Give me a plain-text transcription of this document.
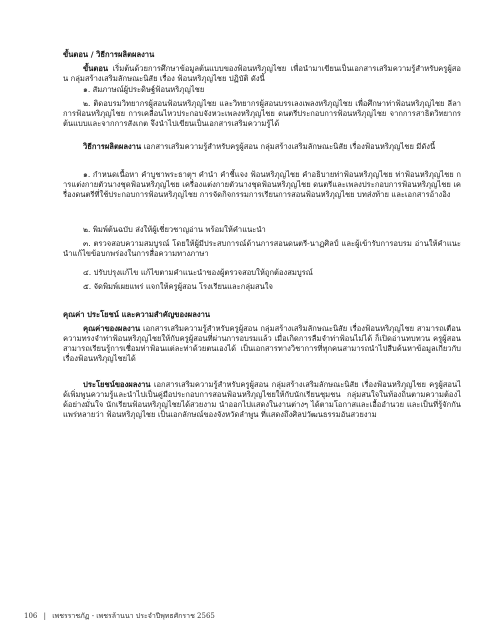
ขั้นตอน / วิธีการผลิตผลงาน
ขั้นตอน เริ่มต้นด้วยการศึกษาข้อมูลต้นแบบของฟ้อนหริภุญไชย เพื่อนำมาเขียนเป็นเอกสารเสริมความรู้สำหรับครูผู้สอน กลุ่มสร้างเสริมลักษณะนิสัย เรื่อง ฟ้อนหริภุญไชย ปฏิบัติ ดังนี้
๑. สัมภาษณ์ผู้ประดิษฐ์ฟ้อนหริภุญไชย
๒. ติดอบรมวิทยากรผู้สอนฟ้อนหริภุญไชย และวิทยากรผู้สอนบรรเลงเพลงหริภุญไชย เพื่อศึกษาท่าฟ้อนหริภุญไชย ลีลาการฟ้อนหริภุญไชย การเคลื่อนไหวประกอบจังหวะเพลงหริภุญไชย ดนตรีประกอบการฟ้อนหริภุญไชย จากการสาธิตวิทยากรต้นแบบและจากการสังเกต จึงนำไปเขียนเป็นเอกสารเสริมความรู้ได้
วิธีการผลิตผลงาน เอกสารเสริมความรู้สำหรับครูผู้สอน กลุ่มสร้างเสริมลักษณะนิสัย เรื่องฟ้อนหริภุญไชย มีดังนี้
๑. กำหนดเนื้อหา คำบูชาพระธาตุฯ คำนำ คำชี้แจง ฟ้อนหริภุญไชย คำอธิบายท่าฟ้อนหริภุญไชย ท่าฟ้อนหริภุญไชย การแต่งกายตัวนางชุดฟ้อนหริภุญไชย เครื่องแต่งกายตัวนางชุดฟ้อนหริภุญไชย ดนตรีและเพลงประกอบการฟ้อนหริภุญไชย เครื่องดนตรีที่ใช้ประกอบการฟ้อนหริภุญไชย การจัดกิจกรรมการเรียนการสอนฟ้อนหริภุญไชย บทส่งท้าย และเอกสารอ้างอิง
๒. พิมพ์ต้นฉบับ ส่งให้ผู้เชี่ยวชาญอ่าน พร้อมให้คำแนะนำ
๓. ตรวจสอบความสมบูรณ์ โดยให้ผู้มีประสบการณ์ด้านการสอนดนตรี-นาฏศิลป์ และผู้เข้ารับการอบรม อ่านให้คำแนะนำแก้ไขข้อบกพร่องในการสื่อความทางภาษา
๔. ปรับปรุงแก้ไข แก้ไขตามคำแนะนำของผู้ตรวจสอบให้ถูกต้องสมบูรณ์
๕. จัดพิมพ์เผยแพร่ แจกให้ครูผู้สอน โรงเรียนและกลุ่มสนใจ
คุณค่า ประโยชน์ และความสำคัญของผลงาน
คุณค่าของผลงาน เอกสารเสริมความรู้สำหรับครูผู้สอน กลุ่มสร้างเสริมลักษณะนิสัย เรื่องฟ้อนหริภุญไชย สามารถเตือนความทรงจำท่าฟ้อนหริภุญไชยให้กับครูผู้สอนที่ผ่านการอบรมแล้ว เมื่อเกิดการลืมจำท่าฟ้อนไม่ได้ ก็เปิดอ่านทบทวน ครูผู้สอนสามารถเรียนรู้การเชื่อมท่าฟ้อนแต่ละท่าด้วยตนเองได้ เป็นเอกสารทางวิชาการที่ทุกคนสามารถนำไปสืบค้นหาข้อมูลเกี่ยวกับเรื่องฟ้อนหริภุญไชยได้
ประโยชน์ของผลงาน เอกสารเสริมความรู้สำหรับครูผู้สอน กลุ่มสร้างเสริมลักษณะนิสัย เรื่องฟ้อนหริภุญไชย ครูผู้สอนได้เพิ่มพูนความรู้และนำไปเป็นคู่มือประกอบการสอนฟ้อนหริภุญไชยให้กับนักเรียนชุมชน กลุ่มสนใจในท้องถิ่นตามความต้องได้อย่างมั่นใจ นักเรียนฟ้อนหริภุญไชยได้สวยงาม นำออกไปแสดงในงานต่างๆ ได้ตามโอกาสและเอื้ออำนวย และเป็นที่รู้จักกันแพร่หลายว่า ฟ้อนหริภุญไชย เป็นเอกลักษณ์ของจังหวัดลำพูน ที่แสดงถึงศิลปวัฒนธรรมอันสวยงาม
106 | เพชรราชภัฏ - เพชรล้านนา ประจำปีพุทธศักราช 2565
